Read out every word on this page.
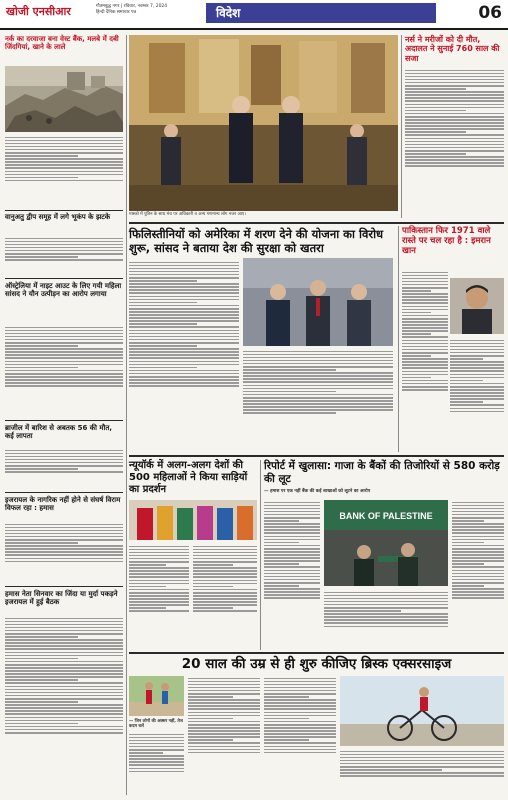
खोजी एनसीआर	गौतमबुद्ध नगर | रविवार, नवम्बर 7, 2024
हिन्दी दैनिक समाचार पत्र	विदेश	06
नर्क का दरवाजा बना वेस्ट बैंक, मलबे में दबी जिंदगियां, खाने के लाले
वानुअतु द्वीप समूह में लगे भूकंप के झटके
ऑस्ट्रेलिया में नाइट आउट के लिए गयी महिला सांसद ने यौन उत्पीड़न का आरोप लगाया
ब्राजील में बारिश से अबतक 56 की मौत, कई लापता
इजरायल के नागरिक नहीं होने से संघर्ष विराम विफल रहा : हमास
हमास नेता सिनवार का जिंदा या मुर्दा पकड़ने इजरायल में हुई बैठक
मास्को में पुतिन के साथ मंच पर अधिकारी व अन्य गणमान्य लोग नजर आए।
नर्स ने मरीजों को दी मौत, अदालत ने सुनाई 760 साल की सजा
फिलिस्तीनियों को अमेरिका में शरण देने की योजना का विरोध शुरू, सांसद ने बताया देश की सुरक्षा को खतरा
पाकिस्तान फिर 1971 वाले रास्ते पर चल रहा है : इमरान खान
न्यूयॉर्क में अलग-अलग देशों की 500 महिलाओं ने किया साड़ियों का प्रदर्शन
रिपोर्ट में खुलासा: गाजा के बैंकों की तिजोरियों से 580 करोड़ की लूट
— हमास पर एक नहीं बैंक की कई शाखाओं को लूटने का आरोप
BANK OF PALESTINE
20 साल की उम्र से ही शुरु कीजिए ब्रिस्क एक्सरसाइज
— जिन लोगों की अक्सर नहीं, तेज कदम चलें
